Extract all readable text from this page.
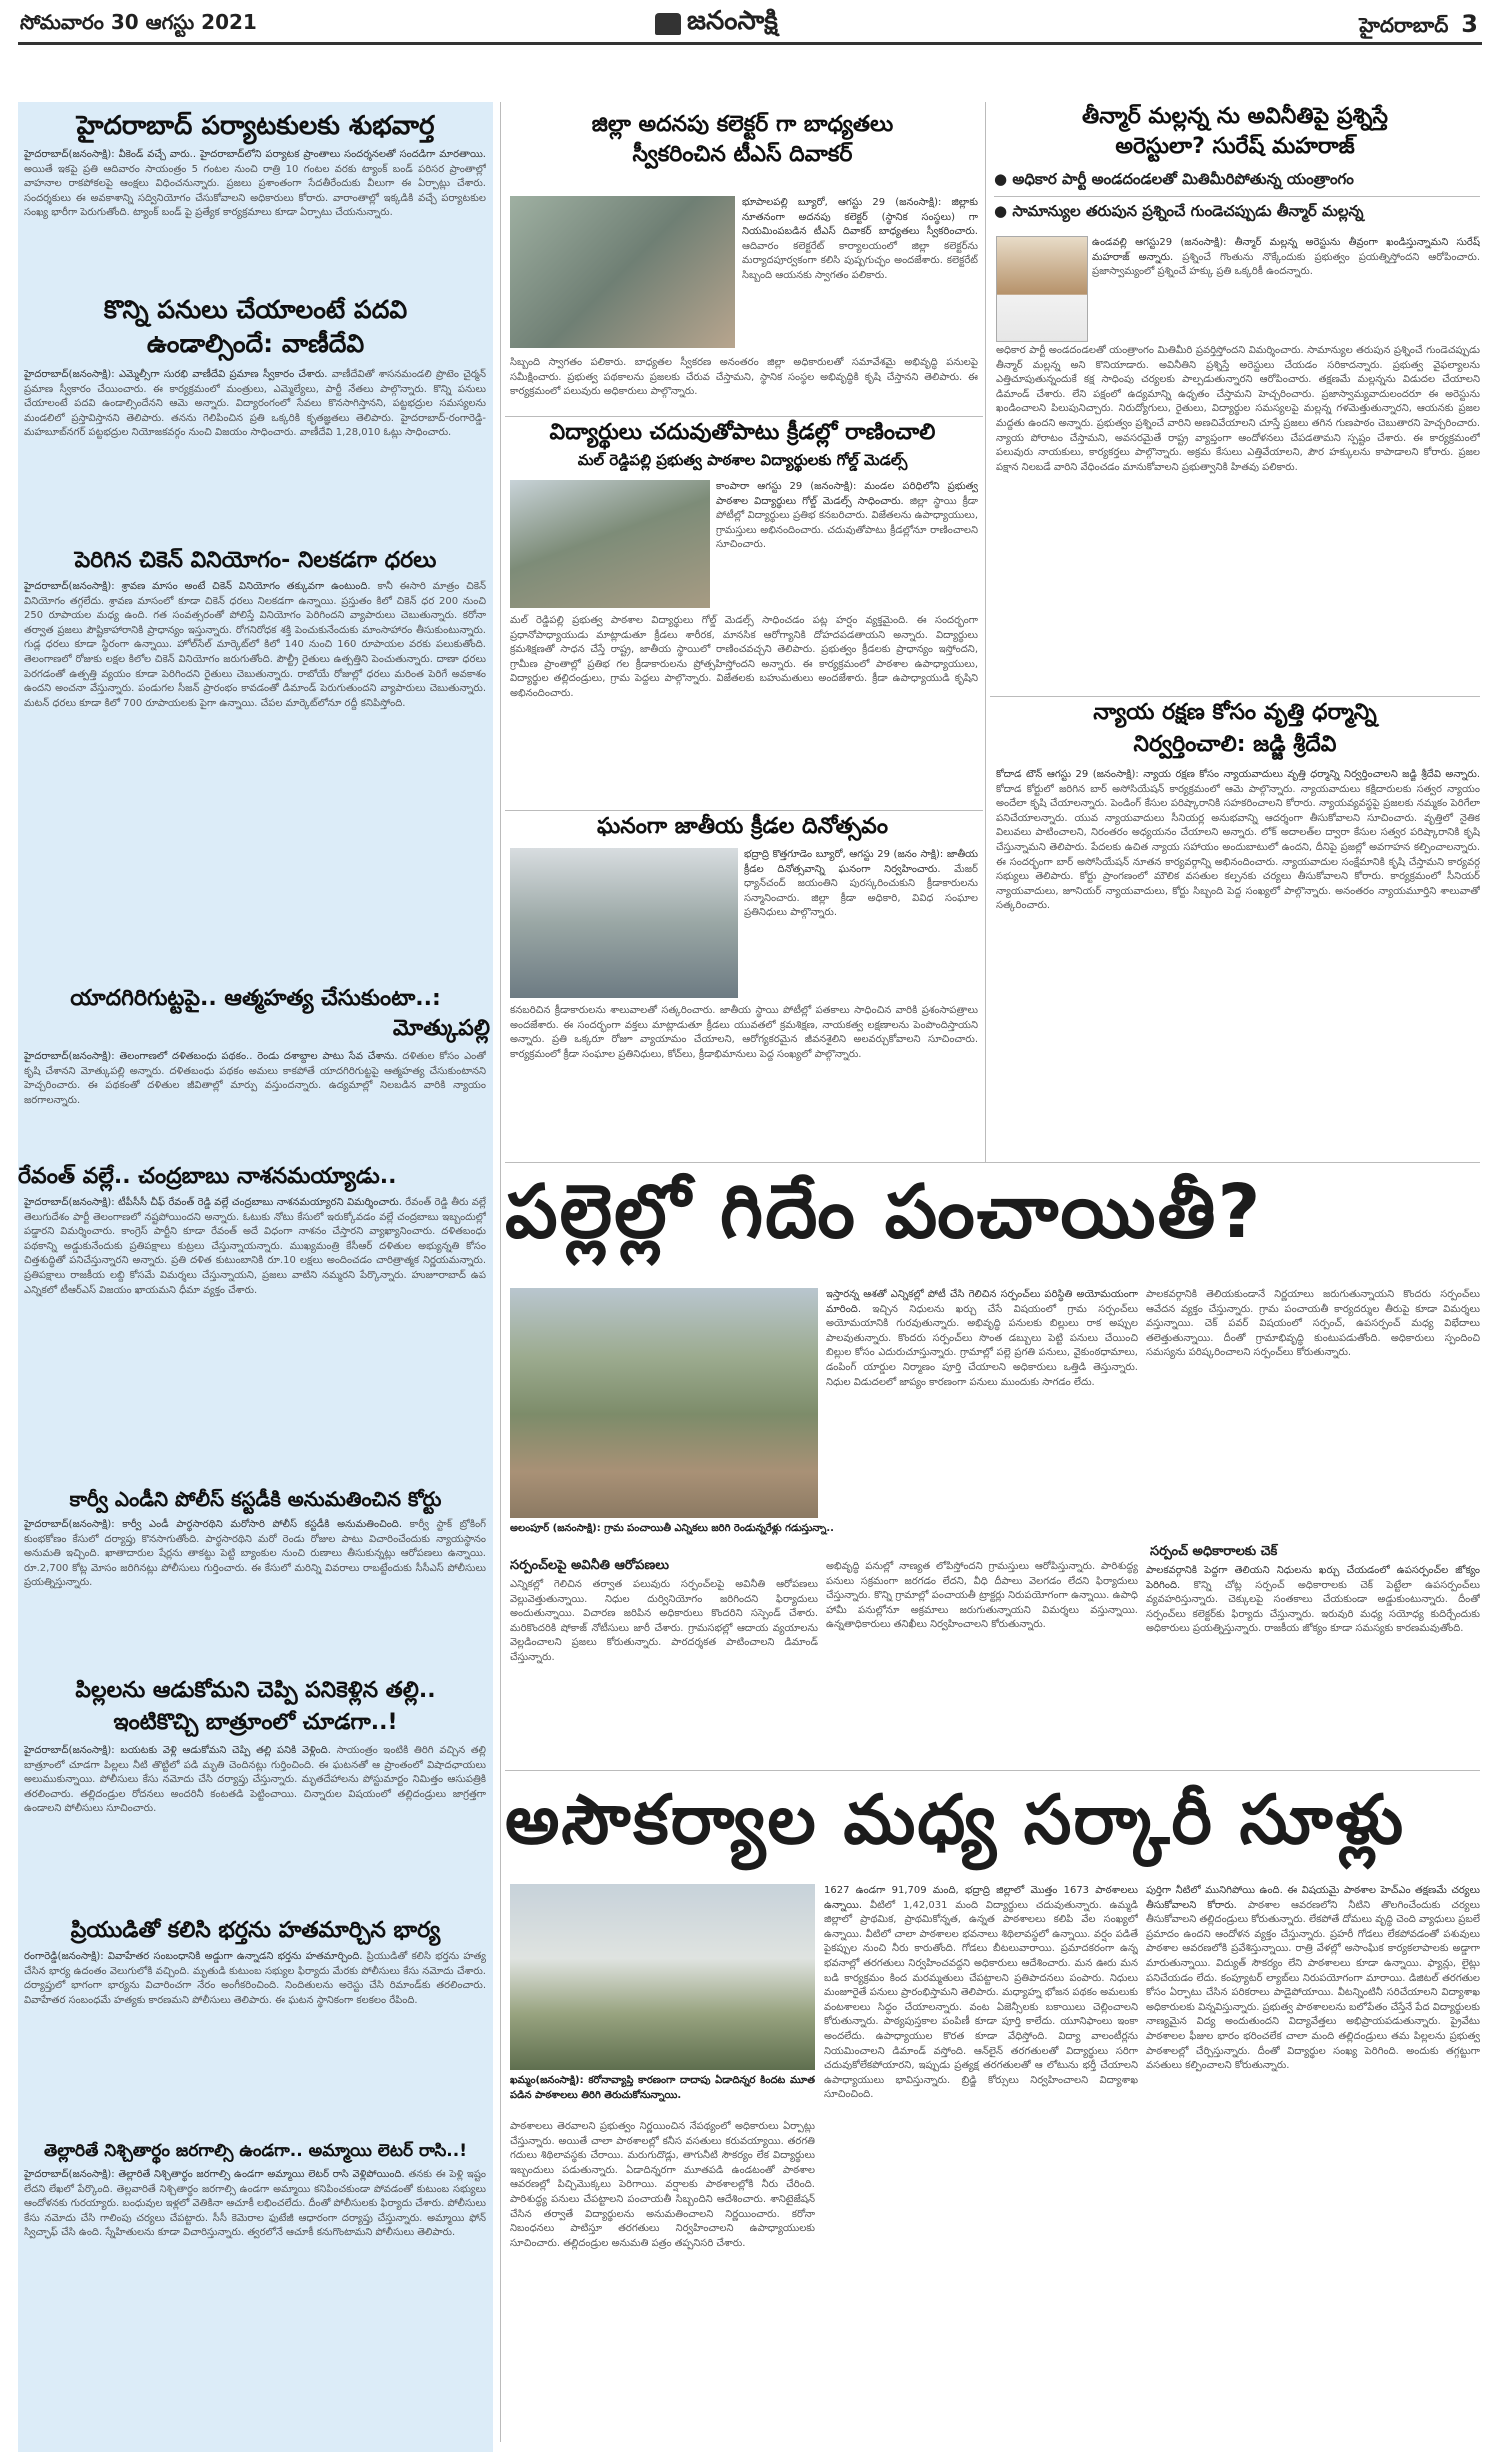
సోమవారం 30 ఆగస్టు 2021	జనంసాక్షి	హైదరాబాద్ 3
హైదరాబాద్ పర్యాటకులకు శుభవార్త
హైదరాబాద్(జనంసాక్షి): వీకెండ్ వచ్చే వారు.. హైదరాబాద్‌లోని పర్యాటక ప్రాంతాలు సందర్శనలతో సందడిగా మారతాయి. అయితే ఇకపై ప్రతి ఆదివారం సాయంత్రం 5 గంటల నుంచి రాత్రి 10 గంటల వరకు ట్యాంక్ బండ్ పరిసర ప్రాంతాల్లో వాహనాల రాకపోకలపై ఆంక్షలు విధించనున్నారు. ప్రజలు ప్రశాంతంగా సేదతీరేందుకు వీలుగా ఈ ఏర్పాట్లు చేశారు. సందర్శకులు ఈ అవకాశాన్ని సద్వినియోగం చేసుకోవాలని అధికారులు కోరారు. వారాంతాల్లో ఇక్కడికి వచ్చే పర్యాటకుల సంఖ్య భారీగా పెరుగుతోంది. ట్యాంక్ బండ్ పై ప్రత్యేక కార్యక్రమాలు కూడా ఏర్పాటు చేయనున్నారు.
కొన్ని పనులు చేయాలంటే పదవి
ఉండాల్సిందే: వాణీదేవి
హైదరాబాద్(జనంసాక్షి): ఎమ్మెల్సీగా సురభి వాణీదేవి ప్రమాణ స్వీకారం చేశారు. వాణీదేవితో శాసనమండలి ప్రొటెం చైర్మన్ ప్రమాణ స్వీకారం చేయించారు. ఈ కార్యక్రమంలో మంత్రులు, ఎమ్మెల్యేలు, పార్టీ నేతలు పాల్గొన్నారు. కొన్ని పనులు చేయాలంటే పదవి ఉండాల్సిందేనని ఆమె అన్నారు. విద్యారంగంలో సేవలు కొనసాగిస్తానని, పట్టభద్రుల సమస్యలను మండలిలో ప్రస్తావిస్తానని తెలిపారు. తనను గెలిపించిన ప్రతి ఒక్కరికి కృతజ్ఞతలు తెలిపారు. హైదరాబాద్-రంగారెడ్డి-మహబూబ్‌నగర్ పట్టభద్రుల నియోజకవర్గం నుంచి విజయం సాధించారు. వాణీదేవి 1,28,010 ఓట్లు సాధించారు.
పెరిగిన చికెన్ వినియోగం- నిలకడగా ధరలు
హైదరాబాద్(జనంసాక్షి): శ్రావణ మాసం అంటే చికెన్ వినియోగం తక్కువగా ఉంటుంది. కానీ ఈసారి మాత్రం చికెన్ వినియోగం తగ్గలేదు. శ్రావణ మాసంలో కూడా చికెన్ ధరలు నిలకడగా ఉన్నాయి. ప్రస్తుతం కిలో చికెన్ ధర 200 నుంచి 250 రూపాయల మధ్య ఉంది. గత సంవత్సరంతో పోలిస్తే వినియోగం పెరిగిందని వ్యాపారులు చెబుతున్నారు. కరోనా తర్వాత ప్రజలు పౌష్టికాహారానికి ప్రాధాన్యం ఇస్తున్నారు. రోగనిరోధక శక్తి పెంచుకునేందుకు మాంసాహారం తీసుకుంటున్నారు. గుడ్ల ధరలు కూడా స్థిరంగా ఉన్నాయి. హోల్‌సేల్ మార్కెట్‌లో కిలో 140 నుంచి 160 రూపాయల వరకు పలుకుతోంది. తెలంగాణలో రోజుకు లక్షల కిలోల చికెన్ వినియోగం జరుగుతోంది. పౌల్ట్రీ రైతులు ఉత్పత్తిని పెంచుతున్నారు. దాణా ధరలు పెరగడంతో ఉత్పత్తి వ్యయం కూడా పెరిగిందని రైతులు చెబుతున్నారు. రాబోయే రోజుల్లో ధరలు మరింత పెరిగే అవకాశం ఉందని అంచనా వేస్తున్నారు. పండుగల సీజన్ ప్రారంభం కావడంతో డిమాండ్ పెరుగుతుందని వ్యాపారులు చెబుతున్నారు. మటన్ ధరలు కూడా కిలో 700 రూపాయలకు పైగా ఉన్నాయి. చేపల మార్కెట్‌లోనూ రద్దీ కనిపిస్తోంది.
యాదగిరిగుట్టపై.. ఆత్మహత్య చేసుకుంటా..:
మోత్కుపల్లి
హైదరాబాద్(జనంసాక్షి): తెలంగాణలో దళితబంధు పథకం.. రెండు దశాబ్దాల పాటు సేవ చేశాను. దళితుల కోసం ఎంతో కృషి చేశానని మోత్కుపల్లి అన్నారు. దళితబంధు పథకం అమలు కాకపోతే యాదగిరిగుట్టపై ఆత్మహత్య చేసుకుంటానని హెచ్చరించారు. ఈ పథకంతో దళితుల జీవితాల్లో మార్పు వస్తుందన్నారు. ఉద్యమాల్లో నిలబడిన వారికి న్యాయం జరగాలన్నారు.
రేవంత్ వల్లే.. చంద్రబాబు నాశనమయ్యాడు..
హైదరాబాద్(జనంసాక్షి): టీపీసీసీ చీఫ్ రేవంత్ రెడ్డి వల్లే చంద్రబాబు నాశనమయ్యారని విమర్శించారు. రేవంత్ రెడ్డి తీరు వల్లే తెలుగుదేశం పార్టీ తెలంగాణలో నష్టపోయిందని అన్నారు. ఓటుకు నోటు కేసులో ఇరుక్కోవడం వల్లే చంద్రబాబు ఇబ్బందుల్లో పడ్డారని విమర్శించారు. కాంగ్రెస్ పార్టీని కూడా రేవంత్ అదే విధంగా నాశనం చేస్తారని వ్యాఖ్యానించారు. దళితబంధు పథకాన్ని అడ్డుకునేందుకు ప్రతిపక్షాలు కుట్రలు చేస్తున్నాయన్నారు. ముఖ్యమంత్రి కేసీఆర్ దళితుల అభ్యున్నతి కోసం చిత్తశుద్ధితో పనిచేస్తున్నారని అన్నారు. ప్రతి దళిత కుటుంబానికి రూ.10 లక్షలు అందించడం చారిత్రాత్మక నిర్ణయమన్నారు. ప్రతిపక్షాలు రాజకీయ లబ్ది కోసమే విమర్శలు చేస్తున్నాయని, ప్రజలు వాటిని నమ్మరని పేర్కొన్నారు. హుజూరాబాద్ ఉప ఎన్నికలో టీఆర్ఎస్ విజయం ఖాయమని ధీమా వ్యక్తం చేశారు.
కార్వీ ఎండీని పోలీస్ కస్టడీకి అనుమతించిన కోర్టు
హైదరాబాద్(జనంసాక్షి): కార్వీ ఎండీ పార్థసారథిని మరోసారి పోలీస్ కస్టడీకి అనుమతించింది. కార్వీ స్టాక్ బ్రోకింగ్ కుంభకోణం కేసులో దర్యాప్తు కొనసాగుతోంది. పార్థసారథిని మరో రెండు రోజుల పాటు విచారించేందుకు న్యాయస్థానం అనుమతి ఇచ్చింది. ఖాతాదారుల షేర్లను తాకట్టు పెట్టి బ్యాంకుల నుంచి రుణాలు తీసుకున్నట్లు ఆరోపణలు ఉన్నాయి. రూ.2,700 కోట్ల మోసం జరిగినట్లు పోలీసులు గుర్తించారు. ఈ కేసులో మరిన్ని వివరాలు రాబట్టేందుకు సీసీఎస్ పోలీసులు ప్రయత్నిస్తున్నారు.
పిల్లలను ఆడుకోమని చెప్పి పనికెళ్లిన తల్లి..
ఇంటికొచ్చి బాత్రూంలో చూడగా..!
హైదరాబాద్(జనంసాక్షి): బయటకు వెళ్లి ఆడుకోమని చెప్పి తల్లి పనికి వెళ్లింది. సాయంత్రం ఇంటికి తిరిగి వచ్చిన తల్లి బాత్రూంలో చూడగా పిల్లలు నీటి తొట్టిలో పడి మృతి చెందినట్లు గుర్తించింది. ఈ ఘటనతో ఆ ప్రాంతంలో విషాదఛాయలు అలుముకున్నాయి. పోలీసులు కేసు నమోదు చేసి దర్యాప్తు చేస్తున్నారు. మృతదేహాలను పోస్టుమార్టం నిమిత్తం ఆసుపత్రికి తరలించారు. తల్లిదండ్రుల రోదనలు అందరినీ కంటతడి పెట్టించాయి. చిన్నారుల విషయంలో తల్లిదండ్రులు జాగ్రత్తగా ఉండాలని పోలీసులు సూచించారు.
ప్రియుడితో కలిసి భర్తను హతమార్చిన భార్య
రంగారెడ్డి(జనంసాక్షి): వివాహేతర సంబంధానికి అడ్డుగా ఉన్నాడని భర్తను హతమార్చింది. ప్రియుడితో కలిసి భర్తను హత్య చేసిన భార్య ఉదంతం వెలుగులోకి వచ్చింది. మృతుడి కుటుంబ సభ్యుల ఫిర్యాదు మేరకు పోలీసులు కేసు నమోదు చేశారు. దర్యాప్తులో భాగంగా భార్యను విచారించగా నేరం అంగీకరించింది. నిందితులను అరెస్టు చేసి రిమాండ్‌కు తరలించారు. వివాహేతర సంబంధమే హత్యకు కారణమని పోలీసులు తెలిపారు. ఈ ఘటన స్థానికంగా కలకలం రేపింది.
తెల్లారితే నిశ్చితార్థం జరగాల్సి ఉండగా.. అమ్మాయి లెటర్ రాసి..!
హైదరాబాద్(జనంసాక్షి): తెల్లారితే నిశ్చితార్థం జరగాల్సి ఉండగా అమ్మాయి లెటర్ రాసి వెళ్లిపోయింది. తనకు ఈ పెళ్లి ఇష్టం లేదని లేఖలో పేర్కొంది. తెల్లవారితే నిశ్చితార్థం జరగాల్సి ఉండగా అమ్మాయి కనిపించకుండా పోవడంతో కుటుంబ సభ్యులు ఆందోళనకు గురయ్యారు. బంధువుల ఇళ్లలో వెతికినా ఆచూకీ లభించలేదు. దీంతో పోలీసులకు ఫిర్యాదు చేశారు. పోలీసులు కేసు నమోదు చేసి గాలింపు చర్యలు చేపట్టారు. సీసీ కెమెరాల ఫుటేజీ ఆధారంగా దర్యాప్తు చేస్తున్నారు. అమ్మాయి ఫోన్ స్విచ్ఛాఫ్ చేసి ఉంది. స్నేహితులను కూడా విచారిస్తున్నారు. త్వరలోనే ఆచూకీ కనుగొంటామని పోలీసులు తెలిపారు.
జిల్లా అదనపు కలెక్టర్ గా బాధ్యతలు
స్వీకరించిన టీఎస్ దివాకర్
భూపాలపల్లి బ్యూరో, ఆగస్టు 29 (జనంసాక్షి): జిల్లాకు నూతనంగా అదనపు కలెక్టర్ (స్థానిక సంస్థలు) గా నియమింపబడిన టీఎస్ దివాకర్ బాధ్యతలు స్వీకరించారు. ఆదివారం కలెక్టరేట్ కార్యాలయంలో జిల్లా కలెక్టర్‌ను మర్యాదపూర్వకంగా కలిసి పుష్పగుచ్ఛం అందజేశారు. కలెక్టరేట్ సిబ్బంది ఆయనకు స్వాగతం పలికారు.
సిబ్బంది స్వాగతం పలికారు. బాధ్యతల స్వీకరణ అనంతరం జిల్లా అధికారులతో సమావేశమై అభివృద్ధి పనులపై సమీక్షించారు. ప్రభుత్వ పథకాలను ప్రజలకు చేరువ చేస్తామని, స్థానిక సంస్థల అభివృద్ధికి కృషి చేస్తానని తెలిపారు. ఈ కార్యక్రమంలో పలువురు అధికారులు పాల్గొన్నారు.
విద్యార్థులు చదువుతోపాటు క్రీడల్లో రాణించాలి
మల్ రెడ్డిపల్లి ప్రభుత్వ పాఠశాల విద్యార్థులకు గోల్డ్ మెడల్స్
కాంపారా ఆగస్టు 29 (జనంసాక్షి): మండల పరిధిలోని ప్రభుత్వ పాఠశాల విద్యార్థులు గోల్డ్ మెడల్స్ సాధించారు. జిల్లా స్థాయి క్రీడా పోటీల్లో విద్యార్థులు ప్రతిభ కనబరిచారు. విజేతలను ఉపాధ్యాయులు, గ్రామస్తులు అభినందించారు. చదువుతోపాటు క్రీడల్లోనూ రాణించాలని సూచించారు.
మల్ రెడ్డిపల్లి ప్రభుత్వ పాఠశాల విద్యార్థులు గోల్డ్ మెడల్స్ సాధించడం పట్ల హర్షం వ్యక్తమైంది. ఈ సందర్భంగా ప్రధానోపాధ్యాయుడు మాట్లాడుతూ క్రీడలు శారీరక, మానసిక ఆరోగ్యానికి దోహదపడతాయని అన్నారు. విద్యార్థులు క్రమశిక్షణతో సాధన చేస్తే రాష్ట్ర, జాతీయ స్థాయిలో రాణించవచ్చని తెలిపారు. ప్రభుత్వం క్రీడలకు ప్రాధాన్యం ఇస్తోందని, గ్రామీణ ప్రాంతాల్లో ప్రతిభ గల క్రీడాకారులను ప్రోత్సహిస్తోందని అన్నారు. ఈ కార్యక్రమంలో పాఠశాల ఉపాధ్యాయులు, విద్యార్థుల తల్లిదండ్రులు, గ్రామ పెద్దలు పాల్గొన్నారు. విజేతలకు బహుమతులు అందజేశారు. క్రీడా ఉపాధ్యాయుడి కృషిని అభినందించారు.
ఘనంగా జాతీయ క్రీడల దినోత్సవం
భద్రాద్రి కొత్తగూడెం బ్యూరో, ఆగస్టు 29 (జనం సాక్షి): జాతీయ క్రీడల దినోత్సవాన్ని ఘనంగా నిర్వహించారు. మేజర్ ధ్యాన్‌చంద్ జయంతిని పురస్కరించుకుని క్రీడాకారులను సన్మానించారు. జిల్లా క్రీడా అధికారి, వివిధ సంఘాల ప్రతినిధులు పాల్గొన్నారు.
కనబరిచిన క్రీడాకారులను శాలువాలతో సత్కరించారు. జాతీయ స్థాయి పోటీల్లో పతకాలు సాధించిన వారికి ప్రశంసాపత్రాలు అందజేశారు. ఈ సందర్భంగా వక్తలు మాట్లాడుతూ క్రీడలు యువతలో క్రమశిక్షణ, నాయకత్వ లక్షణాలను పెంపొందిస్తాయని అన్నారు. ప్రతి ఒక్కరూ రోజూ వ్యాయామం చేయాలని, ఆరోగ్యకరమైన జీవనశైలిని అలవర్చుకోవాలని సూచించారు. కార్యక్రమంలో క్రీడా సంఘాల ప్రతినిధులు, కోచ్‌లు, క్రీడాభిమానులు పెద్ద సంఖ్యలో పాల్గొన్నారు.
తీన్మార్ మల్లన్న ను అవినీతిపై ప్రశ్నిస్తే
అరెస్టులా? సురేష్ మహరాజ్
● అధికార పార్టీ అండదండలతో మితిమీరిపోతున్న యంత్రాంగం
● సామాన్యుల తరుపున ప్రశ్నించే గుండెచప్పుడు తీన్మార్ మల్లన్న
ఉండవల్లి ఆగస్టు29 (జనంసాక్షి): తీన్మార్ మల్లన్న అరెస్టును తీవ్రంగా ఖండిస్తున్నామని సురేష్ మహరాజ్ అన్నారు. ప్రశ్నించే గొంతును నొక్కేందుకు ప్రభుత్వం ప్రయత్నిస్తోందని ఆరోపించారు. ప్రజాస్వామ్యంలో ప్రశ్నించే హక్కు ప్రతి ఒక్కరికీ ఉందన్నారు.
అధికార పార్టీ అండదండలతో యంత్రాంగం మితిమీరి ప్రవర్తిస్తోందని విమర్శించారు. సామాన్యుల తరుపున ప్రశ్నించే గుండెచప్పుడు తీన్మార్ మల్లన్న అని కొనియాడారు. అవినీతిని ప్రశ్నిస్తే అరెస్టులు చేయడం సరికాదన్నారు. ప్రభుత్వ వైఫల్యాలను ఎత్తిచూపుతున్నందుకే కక్ష సాధింపు చర్యలకు పాల్పడుతున్నారని ఆరోపించారు. తక్షణమే మల్లన్నను విడుదల చేయాలని డిమాండ్ చేశారు. లేని పక్షంలో ఉద్యమాన్ని ఉధృతం చేస్తామని హెచ్చరించారు. ప్రజాస్వామ్యవాదులందరూ ఈ అరెస్టును ఖండించాలని పిలుపునిచ్చారు. నిరుద్యోగులు, రైతులు, విద్యార్థుల సమస్యలపై మల్లన్న గళమెత్తుతున్నారని, ఆయనకు ప్రజల మద్దతు ఉందని అన్నారు. ప్రభుత్వం ప్రశ్నించే వారిని అణచివేయాలని చూస్తే ప్రజలు తగిన గుణపాఠం చెబుతారని హెచ్చరించారు. న్యాయ పోరాటం చేస్తామని, అవసరమైతే రాష్ట్ర వ్యాప్తంగా ఆందోళనలు చేపడతామని స్పష్టం చేశారు. ఈ కార్యక్రమంలో పలువురు నాయకులు, కార్యకర్తలు పాల్గొన్నారు. అక్రమ కేసులు ఎత్తివేయాలని, పౌర హక్కులను కాపాడాలని కోరారు. ప్రజల పక్షాన నిలబడే వారిని వేధించడం మానుకోవాలని ప్రభుత్వానికి హితవు పలికారు.
న్యాయ రక్షణ కోసం వృత్తి ధర్మాన్ని
నిర్వర్తించాలి: జడ్జి శ్రీదేవి
కోదాడ టౌన్ ఆగస్టు 29 (జనంసాక్షి): న్యాయ రక్షణ కోసం న్యాయవాదులు వృత్తి ధర్మాన్ని నిర్వర్తించాలని జడ్జి శ్రీదేవి అన్నారు. కోదాడ కోర్టులో జరిగిన బార్ అసోసియేషన్ కార్యక్రమంలో ఆమె పాల్గొన్నారు. న్యాయవాదులు కక్షిదారులకు సత్వర న్యాయం అందేలా కృషి చేయాలన్నారు. పెండింగ్ కేసుల పరిష్కారానికి సహకరించాలని కోరారు. న్యాయవ్యవస్థపై ప్రజలకు నమ్మకం పెరిగేలా పనిచేయాలన్నారు. యువ న్యాయవాదులు సీనియర్ల అనుభవాన్ని ఆదర్శంగా తీసుకోవాలని సూచించారు. వృత్తిలో నైతిక విలువలు పాటించాలని, నిరంతరం అధ్యయనం చేయాలని అన్నారు. లోక్ అదాలత్‌ల ద్వారా కేసుల సత్వర పరిష్కారానికి కృషి చేస్తున్నామని తెలిపారు. పేదలకు ఉచిత న్యాయ సహాయం అందుబాటులో ఉందని, దీనిపై ప్రజల్లో అవగాహన కల్పించాలన్నారు. ఈ సందర్భంగా బార్ అసోసియేషన్ నూతన కార్యవర్గాన్ని అభినందించారు. న్యాయవాదుల సంక్షేమానికి కృషి చేస్తామని కార్యవర్గ సభ్యులు తెలిపారు. కోర్టు ప్రాంగణంలో మౌలిక వసతుల కల్పనకు చర్యలు తీసుకోవాలని కోరారు. కార్యక్రమంలో సీనియర్ న్యాయవాదులు, జూనియర్ న్యాయవాదులు, కోర్టు సిబ్బంది పెద్ద సంఖ్యలో పాల్గొన్నారు. అనంతరం న్యాయమూర్తిని శాలువాతో సత్కరించారు.
పల్లెల్లో గిదేం పంచాయితీ?
ఇస్తారన్న ఆశతో ఎన్నికల్లో పోటీ చేసి గెలిచిన సర్పంచ్‌లు పరిస్థితి అయోమయంగా మారింది. ఇచ్చిన నిధులను ఖర్చు చేసే విషయంలో గ్రామ సర్పంచ్‌లు అయోమయానికి గురవుతున్నారు. అభివృద్ధి పనులకు బిల్లులు రాక అప్పుల పాలవుతున్నారు. కొందరు సర్పంచ్‌లు సొంత డబ్బులు పెట్టి పనులు చేయించి బిల్లుల కోసం ఎదురుచూస్తున్నారు. గ్రామాల్లో పల్లె ప్రగతి పనులు, వైకుంఠధామాలు, డంపింగ్ యార్డుల నిర్మాణం పూర్తి చేయాలని అధికారులు ఒత్తిడి తెస్తున్నారు. నిధుల విడుదలలో జాప్యం కారణంగా పనులు ముందుకు సాగడం లేదు.
పాలకవర్గానికి తెలియకుండానే నిర్ణయాలు జరుగుతున్నాయని కొందరు సర్పంచ్‌లు ఆవేదన వ్యక్తం చేస్తున్నారు. గ్రామ పంచాయతీ కార్యదర్శుల తీరుపై కూడా విమర్శలు వస్తున్నాయి. చెక్ పవర్ విషయంలో సర్పంచ్, ఉపసర్పంచ్ మధ్య విభేదాలు తలెత్తుతున్నాయి. దీంతో గ్రామాభివృద్ధి కుంటుపడుతోంది. అధికారులు స్పందించి సమస్యను పరిష్కరించాలని సర్పంచ్‌లు కోరుతున్నారు.
అలంపూర్ (జనంసాక్షి): గ్రామ పంచాయితీ ఎన్నికలు జరిగి రెండున్నరేళ్లు గడుస్తున్నా..
సర్పంచ్‌లపై అవినీతి ఆరోపణలు
సర్పంచ్ అధికారాలకు చెక్
ఎన్నికల్లో గెలిచిన తర్వాత పలువురు సర్పంచ్‌లపై అవినీతి ఆరోపణలు వెల్లువెత్తుతున్నాయి. నిధుల దుర్వినియోగం జరిగిందని ఫిర్యాదులు అందుతున్నాయి. విచారణ జరిపిన అధికారులు కొందరిని సస్పెండ్ చేశారు. మరికొందరికి షోకాజ్ నోటీసులు జారీ చేశారు. గ్రామసభల్లో ఆదాయ వ్యయాలను వెల్లడించాలని ప్రజలు కోరుతున్నారు. పారదర్శకత పాటించాలని డిమాండ్ చేస్తున్నారు.
అభివృద్ధి పనుల్లో నాణ్యత లోపిస్తోందని గ్రామస్తులు ఆరోపిస్తున్నారు. పారిశుద్ధ్య పనులు సక్రమంగా జరగడం లేదని, వీధి దీపాలు వెలగడం లేదని ఫిర్యాదులు చేస్తున్నారు. కొన్ని గ్రామాల్లో పంచాయతీ ట్రాక్టర్లు నిరుపయోగంగా ఉన్నాయి. ఉపాధి హామీ పనుల్లోనూ అక్రమాలు జరుగుతున్నాయని విమర్శలు వస్తున్నాయి. ఉన్నతాధికారులు తనిఖీలు నిర్వహించాలని కోరుతున్నారు.
పాలకవర్గానికి పెద్దగా తెలియని నిధులను ఖర్చు చేయడంలో ఉపసర్పంచ్‌ల జోక్యం పెరిగింది. కొన్ని చోట్ల సర్పంచ్ అధికారాలకు చెక్ పెట్టేలా ఉపసర్పంచ్‌లు వ్యవహరిస్తున్నారు. చెక్కులపై సంతకాలు చేయకుండా అడ్డుకుంటున్నారు. దీంతో సర్పంచ్‌లు కలెక్టర్‌కు ఫిర్యాదు చేస్తున్నారు. ఇరువురి మధ్య సయోధ్య కుదిర్చేందుకు అధికారులు ప్రయత్నిస్తున్నారు. రాజకీయ జోక్యం కూడా సమస్యకు కారణమవుతోంది.
అసౌకర్యాల మధ్య సర్కారీ సూళ్లు
ఖమ్మం(జనంసాక్షి): కరోనావ్యాప్తి కారణంగా దాదాపు ఏడాదిన్నర కిందట మూత పడిన పాఠశాలలు తిరిగి తెరుచుకోనున్నాయి.
పాఠశాలలు తెరవాలని ప్రభుత్వం నిర్ణయించిన నేపథ్యంలో అధికారులు ఏర్పాట్లు చేస్తున్నారు. అయితే చాలా పాఠశాలల్లో కనీస వసతులు కరువయ్యాయి. తరగతి గదులు శిథిలావస్థకు చేరాయి. మరుగుదొడ్లు, తాగునీటి సౌకర్యం లేక విద్యార్థులు ఇబ్బందులు పడుతున్నారు. ఏడాదిన్నరగా మూతపడి ఉండటంతో పాఠశాల ఆవరణల్లో పిచ్చిమొక్కలు పెరిగాయి. వర్షాలకు పాఠశాలల్లోకి నీరు చేరింది. పారిశుద్ధ్య పనులు చేపట్టాలని పంచాయతీ సిబ్బందిని ఆదేశించారు. శానిటైజేషన్ చేసిన తర్వాతే విద్యార్థులను అనుమతించాలని నిర్ణయించారు. కరోనా నిబంధనలు పాటిస్తూ తరగతులు నిర్వహించాలని ఉపాధ్యాయులకు సూచించారు. తల్లిదండ్రుల అనుమతి పత్రం తప్పనిసరి చేశారు.
1627 ఉండగా 91,709 మంది, భద్రాద్రి జిల్లాలో మొత్తం 1673 పాఠశాలలు ఉన్నాయి. వీటిలో 1,42,031 మంది విద్యార్థులు చదువుతున్నారు. ఉమ్మడి జిల్లాలో ప్రాథమిక, ప్రాథమికోన్నత, ఉన్నత పాఠశాలలు కలిపి వేల సంఖ్యలో ఉన్నాయి. వీటిలో చాలా పాఠశాలల భవనాలు శిథిలావస్థలో ఉన్నాయి. వర్షం పడితే పైకప్పుల నుంచి నీరు కారుతోంది. గోడలు బీటలువారాయి. ప్రమాదకరంగా ఉన్న భవనాల్లో తరగతులు నిర్వహించవద్దని అధికారులు ఆదేశించారు. మన ఊరు మన బడి కార్యక్రమం కింద మరమ్మతులు చేపట్టాలని ప్రతిపాదనలు పంపారు. నిధులు మంజూరైతే పనులు ప్రారంభిస్తామని తెలిపారు. మధ్యాహ్న భోజన పథకం అమలుకు వంటశాలలు సిద్ధం చేయాలన్నారు. వంట ఏజెన్సీలకు బకాయిలు చెల్లించాలని కోరుతున్నారు. పాఠ్యపుస్తకాల పంపిణీ కూడా పూర్తి కాలేదు. యూనిఫాంలు ఇంకా అందలేదు. ఉపాధ్యాయుల కొరత కూడా వేధిస్తోంది. విద్యా వాలంటీర్లను నియమించాలని డిమాండ్ వస్తోంది. ఆన్‌లైన్ తరగతులతో విద్యార్థులు సరిగా చదువుకోలేకపోయారని, ఇప్పుడు ప్రత్యక్ష తరగతులతో ఆ లోటును భర్తీ చేయాలని ఉపాధ్యాయులు భావిస్తున్నారు. బ్రిడ్జి కోర్సులు నిర్వహించాలని విద్యాశాఖ సూచించింది.
పుర్తిగా నీటిలో మునిగిపోయి ఉంది. ఈ విషయమై పాఠశాల హెచ్ఎం తక్షణమే చర్యలు తీసుకోవాలని కోరారు. పాఠశాల ఆవరణలోని నీటిని తొలగించేందుకు చర్యలు తీసుకోవాలని తల్లిదండ్రులు కోరుతున్నారు. లేకపోతే దోమలు వృద్ధి చెంది వ్యాధులు ప్రబలే ప్రమాదం ఉందని ఆందోళన వ్యక్తం చేస్తున్నారు. ప్రహరీ గోడలు లేకపోవడంతో పశువులు పాఠశాల ఆవరణలోకి ప్రవేశిస్తున్నాయి. రాత్రి వేళల్లో అసాంఘిక కార్యకలాపాలకు అడ్డాగా మారుతున్నాయి. విద్యుత్ సౌకర్యం లేని పాఠశాలలు కూడా ఉన్నాయి. ఫ్యాన్లు, లైట్లు పనిచేయడం లేదు. కంప్యూటర్ ల్యాబ్‌లు నిరుపయోగంగా మారాయి. డిజిటల్ తరగతుల కోసం ఏర్పాటు చేసిన పరికరాలు పాడైపోయాయి. వీటన్నింటినీ సరిచేయాలని విద్యాశాఖ అధికారులకు విన్నవిస్తున్నారు. ప్రభుత్వ పాఠశాలలను బలోపేతం చేస్తేనే పేద విద్యార్థులకు నాణ్యమైన విద్య అందుతుందని విద్యావేత్తలు అభిప్రాయపడుతున్నారు. ప్రైవేటు పాఠశాలల ఫీజుల భారం భరించలేక చాలా మంది తల్లిదండ్రులు తమ పిల్లలను ప్రభుత్వ పాఠశాలల్లో చేర్పిస్తున్నారు. దీంతో విద్యార్థుల సంఖ్య పెరిగింది. అందుకు తగ్గట్టుగా వసతులు కల్పించాలని కోరుతున్నారు.
